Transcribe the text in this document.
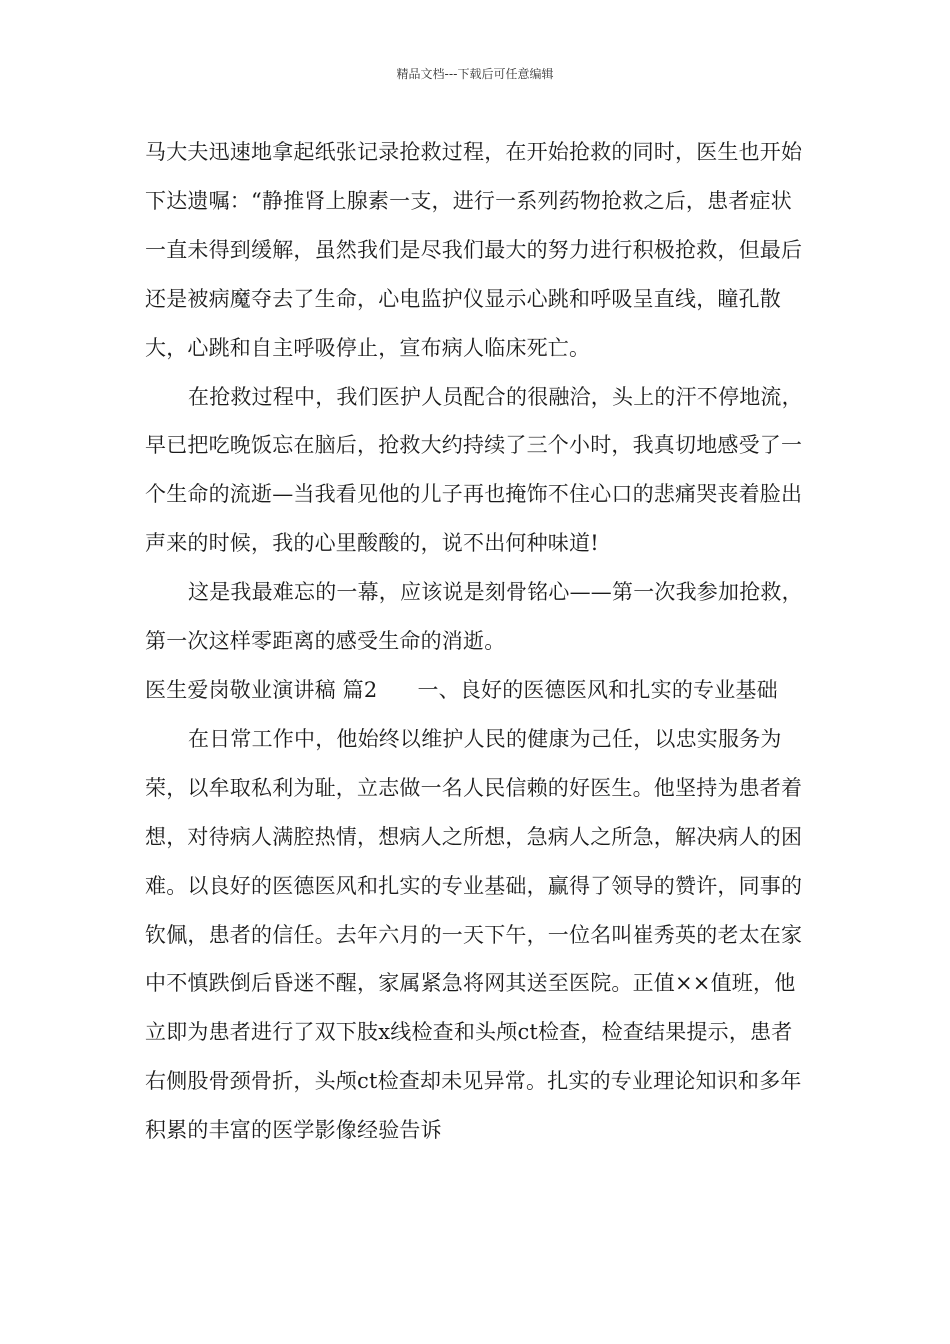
精品文档---下载后可任意编辑

马大夫迅速地拿起纸张记录抢救过程，在开始抢救的同时，医生也开始下达遗嘱：“静推肾上腺素一支，进行一系列药物抢救之后，患者症状一直未得到缓解，虽然我们是尽我们最大的努力进行积极抢救，但最后还是被病魔夺去了生命，心电监护仪显示心跳和呼吸呈直线，瞳孔散大，心跳和自主呼吸停止，宣布病人临床死亡。

在抢救过程中，我们医护人员配合的很融洽，头上的汗不停地流，早已把吃晚饭忘在脑后，抢救大约持续了三个小时，我真切地感受了一个生命的流逝—当我看见他的儿子再也掩饰不住心口的悲痛哭丧着脸出声来的时候，我的心里酸酸的，说不出何种味道!

这是我最难忘的一幕，应该说是刻骨铭心——第一次我参加抢救，第一次这样零距离的感受生命的消逝。

医生爱岗敬业演讲稿 篇2 一、良好的医德医风和扎实的专业基础

在日常工作中，他始终以维护人民的健康为己任，以忠实服务为荣，以牟取私利为耻，立志做一名人民信赖的好医生。他坚持为患者着想，对待病人满腔热情，想病人之所想，急病人之所急，解决病人的困难。以良好的医德医风和扎实的专业基础，赢得了领导的赞许，同事的钦佩，患者的信任。去年六月的一天下午，一位名叫崔秀英的老太在家中不慎跌倒后昏迷不醒，家属紧急将网其送至医院。正值××值班，他立即为患者进行了双下肢x线检查和头颅ct检查，检查结果提示，患者右侧股骨颈骨折，头颅ct检查却未见异常。扎实的专业理论知识和多年积累的丰富的医学影像经验告诉
